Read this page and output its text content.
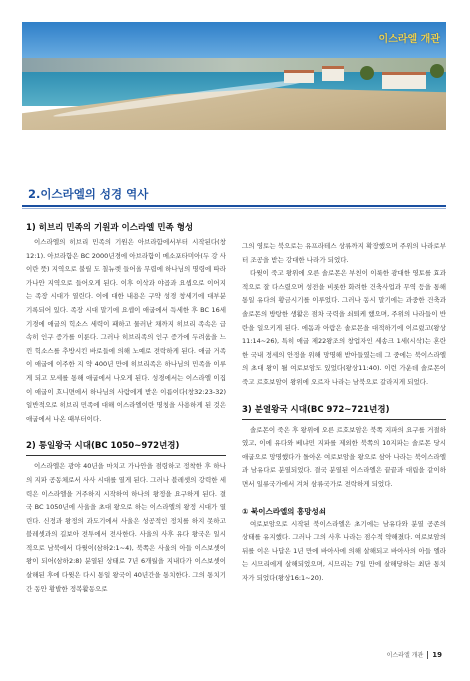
이스라엘 개관
2.이스라엘의 성경 역사
1) 히브리 민족의 기원과 이스라엘 민족 형성

이스라엘의 히브리 민족의 기원은 아브라함에서부터 시작된다(창12:1). 아브라함은 BC 2000년경에 아브라함이 메소포타미아(두 강 사이란 뜻) 지역으로 불릴 도 칠뉴렛 들어올 무렵에 하나님의 명령에 따라 가나안 지역으로 들어오게 된다. 이후 이삭과 야곱과 요셉으로 이어지는 족장 시대가 열린다. 이에 대한 내용은 구약 성경 창세기에 대부분 기록되어 있다. 족장 시대 말기에 요셉이 애굽에서 득세한 후 BC 16세기경에 애굽의 힉소스 세력이 패하고 물러난 채까지 히브리 족속은 급속히 인구 증가를 이룬다. 그러나 히브리족의 인구 증가에 두려움을 느낀 힉소스를 추방시킨 바로들에 의해 노예로 전락하게 된다. 애굽 거족이 애굽에 이주한 지 약 400년 만에 히브리족은 하나님의 민족을 이루게 되고 모세를 통해 애굽에서 나오게 된다. 성경에서는 이스라엘 이집이 애굽이 흐니면에서 하나님의 사람에게 받은 이름이다(창32:23-32) 일반적으로 히브리 민족에 대해 이스라엘이란 명칭을 사용하게 된 것은 애굽에서 나온 때부터이다.

2) 통일왕국 시대(BC 1050~972년경)

이스라엘은 광야 40년을 마치고 가나안을 점령하고 정착한 후 하나의 지파 공동체로서 사사 시대를 열게 된다. 그러나 블레셋의 강력한 세력은 이스라엘을 거주하지 시작하여 하나의 왕정을 요구하게 된다. 결국 BC 1050년에 사울을 초대 왕으로 하는 이스라엘의 왕정 시대가 열린다. 신정과 왕정의 과도기에서 사울은 성공적인 정치를 하지 못하고 블레셋과의 길보아 전투에서 전사한다. 사울의 사후 유다 왕국은 일시적으로 남북에서 다윗이(삼하2:1~4), 북쪽은 사울의 아들 이스보셋이 왕이 되어(삼하2:8) 분열된 상태로 7년 6개월을 지내다가 이스보셋이 살해된 후에 다윗은 다시 통일 왕국이 40년간을 통치한다. 그의 통치기간 동안 황발한 정복활동으로

그의 영토는 북으로는 유프라테스 상류까지 확장했으며 주위의 나라로부터 조공을 받는 강대한 나라가 되었다.

다윗이 죽고 왕위에 오른 솔로몬은 부친이 이룩한 광대한 영토를 효과적으로 잘 다스렸으며 성전을 비롯한 화려한 건축사업과 무역 등을 통해 통일 유다의 황금시기를 이루었다. 그러나 동시 말기에는 과중한 건축과 솔로몬의 방탕한 생활은 점차 국력을 쇠퇴케 했으며, 주위의 나라들이 반란을 일으키게 된다. 에돔과 아람은 솔로몬을 대적하기에 이르렀고(왕상11:14~26), 특히 애굽 제22왕조의 창업자인 세송크 1세(시삭)는 혼란한 국내 정세의 안정을 위해 망명해 받아들였는데 그 중에는 북이스라엘의 초대 왕이 될 여로보암도 있었다(왕상11:40). 이런 가운데 솔로몬이 죽고 르호보암이 왕위에 오르자 나라는 남북으로 갈라지게 되었다.

3) 분열왕국 시대(BC 972~721년경)

솔로몬이 죽은 후 왕위에 오른 르호보암은 북쪽 지파의 요구를 거절하였고, 이에 유다와 베냐민 지파를 제외한 북쪽의 10지파는 솔로몬 당시 애굽으로 망명했다가 돌아온 여로보암을 왕으로 삼아 나라는 북이스라엘과 남유다로 분열되었다. 결국 분열된 이스라엘은 끝끝과 대립을 같이하면서 일류국가에서 겨처 삼류국가로 전락하게 되었다.

① 북이스라엘의 흥망성쇠

여로보암으로 시작된 북이스라엘은 초기에는 남유다와 분열 공존의 상태를 유지했다. 그러나 그의 사후 나라는 점수적 약해졌다. 여로보암의 뒤를 이은 나답은 1년 만에 바아사에 의해 살해되고 바아사의 아들 엘라는 시므리에게 살해되었으며, 시므리는 7일 만에 살해당하는 최단 통치자가 되었다(왕상16:1~20).

이스라엘 개관 19
